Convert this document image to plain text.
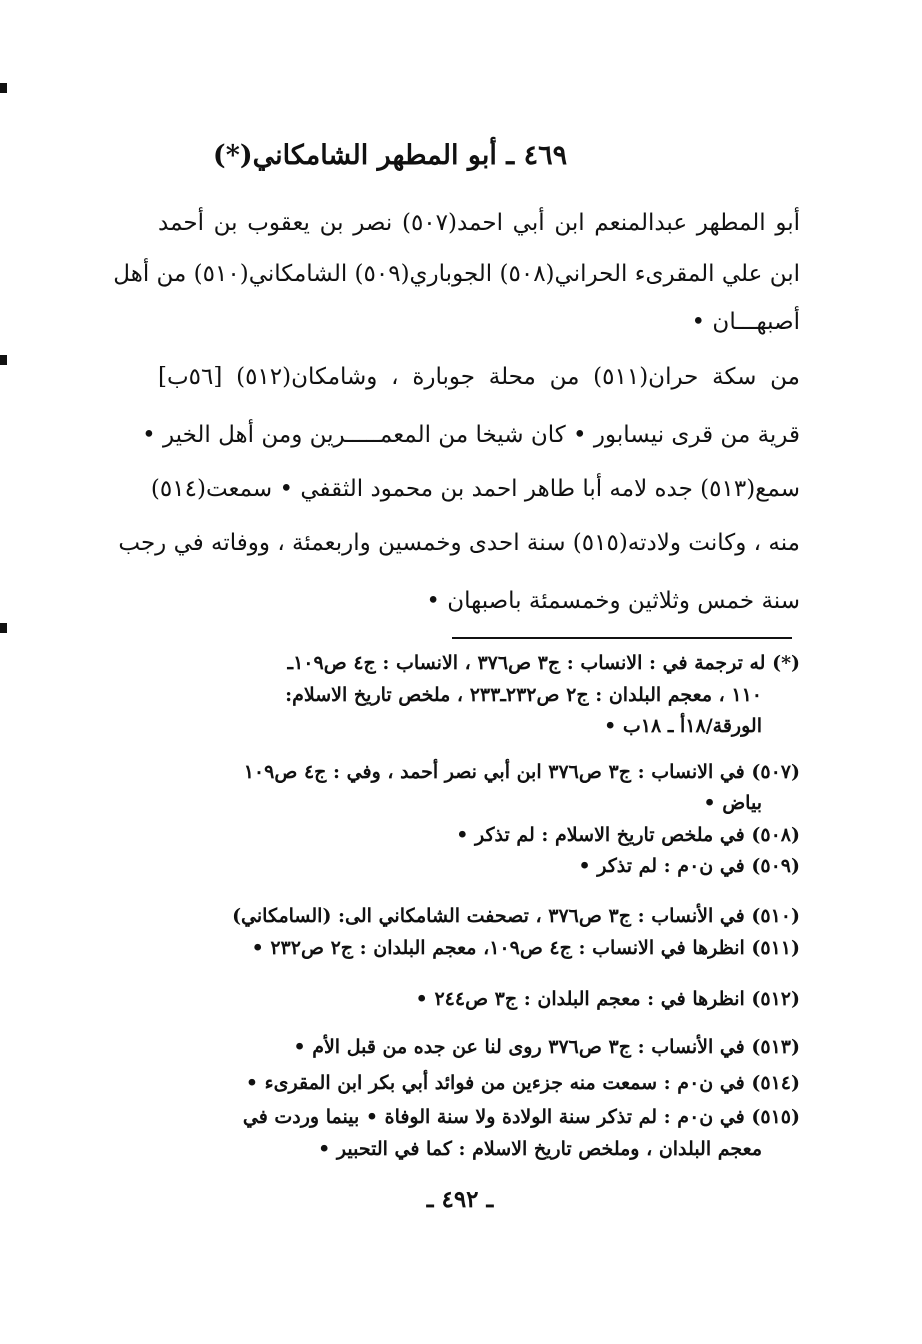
٤٦٩ ـ أبو المطهر الشامكاني(*)
أبو المطهر عبدالمنعم ابن أبي احمد(٥٠٧) نصر بن يعقوب بن أحمد
ابن علي المقرىء الحراني(٥٠٨) الجوباري(٥٠٩) الشامكاني(٥١٠) من أهل
أصبهـــان •
من سكة حران(٥١١) من محلة جوبارة ، وشامكان(٥١٢) [٥٦ب]
قرية من قرى نيسابور • كان شيخا من المعمـــــرين ومن أهل الخير •
سمع(٥١٣) جده لامه أبا طاهر احمد بن محمود الثقفي • سمعت(٥١٤)
منه ، وكانت ولادته(٥١٥) سنة احدى وخمسين واربعمئة ، ووفاته في رجب
سنة خمس وثلاثين وخمسمئة باصبهان •
(*) له ترجمة في : الانساب : ج٣ ص٣٧٦ ، الانساب : ج٤ ص١٠٩ـ
١١٠ ، معجم البلدان : ج٢ ص٢٣٢ـ٢٣٣ ، ملخص تاريخ الاسلام:
الورقة/١٨أ ـ ١٨ب •
(٥٠٧) في الانساب : ج٣ ص٣٧٦ ابن أبي نصر أحمد ، وفي : ج٤ ص١٠٩
بياض •
(٥٠٨) في ملخص تاريخ الاسلام : لم تذكر •
(٥٠٩) في ن٠م : لم تذكر •
(٥١٠) في الأنساب : ج٣ ص٣٧٦ ، تصحفت الشامكاني الى: (السامكاني)
(٥١١) انظرها في الانساب : ج٤ ص١٠٩، معجم البلدان : ج٢ ص٢٣٢ •
(٥١٢) انظرها في : معجم البلدان : ج٣ ص٢٤٤ •
(٥١٣) في الأنساب : ج٣ ص٣٧٦ روى لنا عن جده من قبل الأم •
(٥١٤) في ن٠م : سمعت منه جزءين من فوائد أبي بكر ابن المقرىء •
(٥١٥) في ن٠م : لم تذكر سنة الولادة ولا سنة الوفاة • بينما وردت في
معجم البلدان ، وملخص تاريخ الاسلام : كما في التحبير •
ـ ٤٩٢ ـ
